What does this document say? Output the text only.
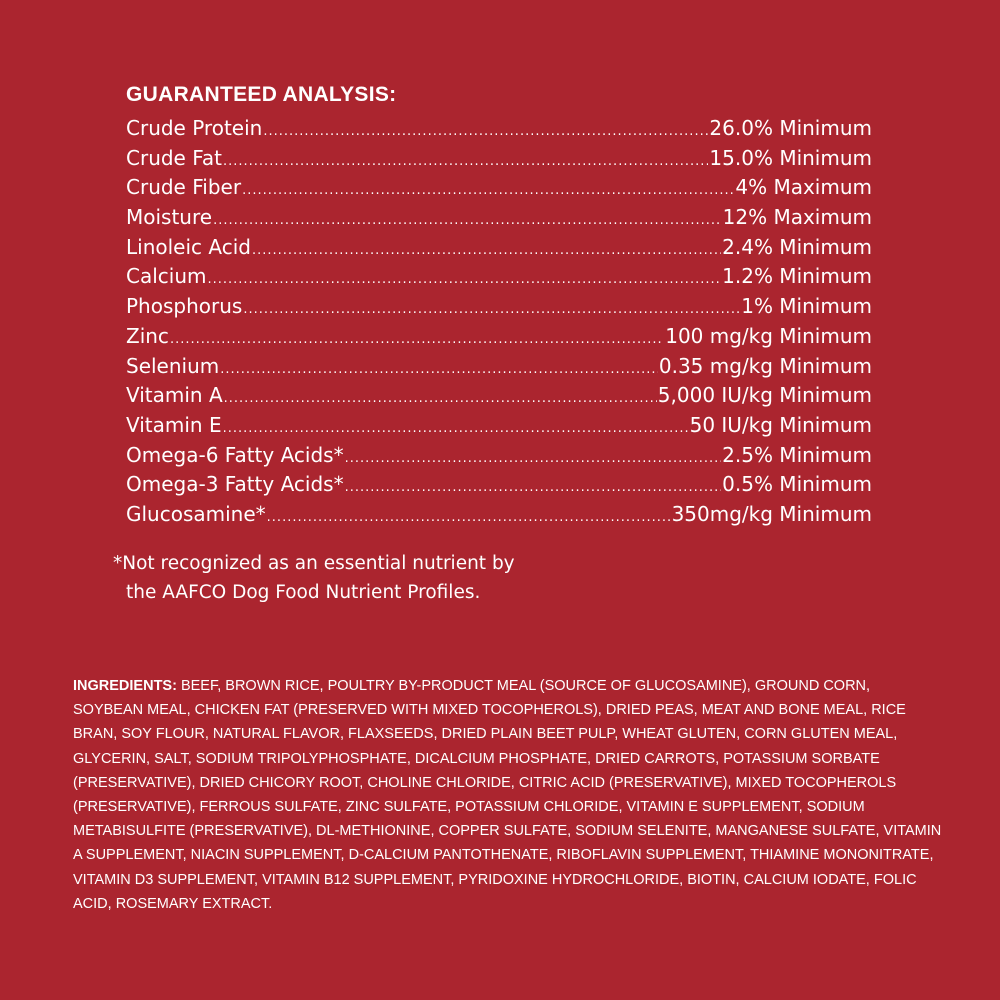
GUARANTEED ANALYSIS:
Crude Protein .....	26.0% Minimum
Crude Fat .....	15.0% Minimum
Crude Fiber .....	4% Maximum
Moisture .....	12% Maximum
Linoleic Acid .....	2.4% Minimum
Calcium .....	1.2% Minimum
Phosphorus .....	1% Minimum
Zinc .....	100 mg/kg Minimum
Selenium .....	0.35 mg/kg Minimum
Vitamin A .....	5,000 IU/kg Minimum
Vitamin E .....	50 IU/kg Minimum
Omega-6 Fatty Acids* .....	2.5% Minimum
Omega-3 Fatty Acids* .....	0.5% Minimum
Glucosamine* .....	350mg/kg Minimum
*Not recognized as an essential nutrient by
the AAFCO Dog Food Nutrient Profiles.
INGREDIENTS: BEEF, BROWN RICE, POULTRY BY-PRODUCT MEAL (SOURCE OF GLUCOSAMINE), GROUND CORN, SOYBEAN MEAL, CHICKEN FAT (PRESERVED WITH MIXED TOCOPHEROLS), DRIED PEAS, MEAT AND BONE MEAL, RICE BRAN, SOY FLOUR, NATURAL FLAVOR, FLAXSEEDS, DRIED PLAIN BEET PULP, WHEAT GLUTEN, CORN GLUTEN MEAL, GLYCERIN, SALT, SODIUM TRIPOLYPHOSPHATE, DICALCIUM PHOSPHATE, DRIED CARROTS, POTASSIUM SORBATE (PRESERVATIVE), DRIED CHICORY ROOT, CHOLINE CHLORIDE, CITRIC ACID (PRESERVATIVE), MIXED TOCOPHEROLS (PRESERVATIVE), FERROUS SULFATE, ZINC SULFATE, POTASSIUM CHLORIDE, VITAMIN E SUPPLEMENT, SODIUM METABISULFITE (PRESERVATIVE), DL-METHIONINE, COPPER SULFATE, SODIUM SELENITE, MANGANESE SULFATE, VITAMIN A SUPPLEMENT, NIACIN SUPPLEMENT, D-CALCIUM PANTOTHENATE, RIBOFLAVIN SUPPLEMENT, THIAMINE MONONITRATE, VITAMIN D3 SUPPLEMENT, VITAMIN B12 SUPPLEMENT, PYRIDOXINE HYDROCHLORIDE, BIOTIN, CALCIUM IODATE, FOLIC ACID, ROSEMARY EXTRACT.
